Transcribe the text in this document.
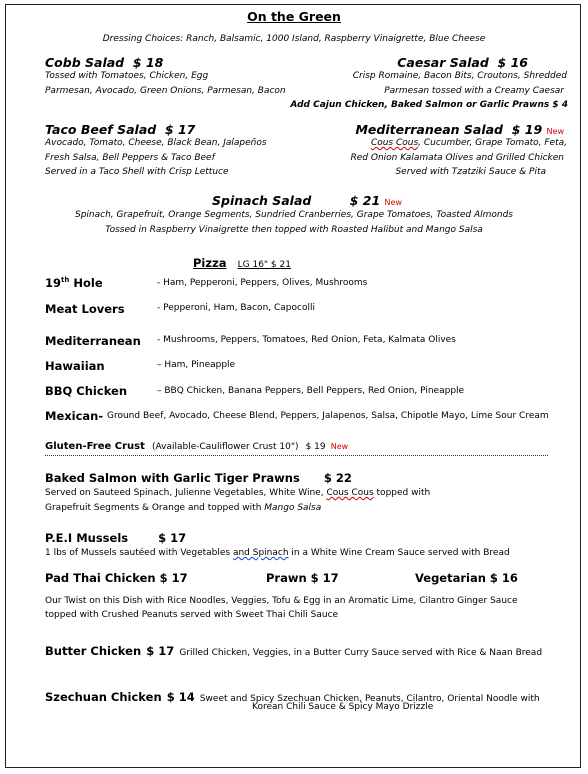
On the Green
Dressing Choices: Ranch, Balsamic, 1000 Island, Raspberry Vinaigrette, Blue Cheese
Cobb Salad $ 18
Tossed with Tomatoes, Chicken, Egg
Parmesan, Avocado, Green Onions, Parmesan, Bacon
Caesar Salad $ 16
Crisp Romaine, Bacon Bits, Croutons, Shredded
Parmesan tossed with a Creamy Caesar
Add Cajun Chicken, Baked Salmon or Garlic Prawns $ 4
Taco Beef Salad $ 17
Avocado, Tomato, Cheese, Black Bean, Jalapeños
Fresh Salsa, Bell Peppers & Taco Beef
Served in a Taco Shell with Crisp Lettuce
Mediterranean Salad $ 19 New
Cous Cous, Cucumber, Grape Tomato, Feta,
Red Onion Kalamata Olives and Grilled Chicken
Served with Tzatziki Sauce & Pita
Spinach Salad	$ 21 New
Spinach, Grapefruit, Orange Segments, Sundried Cranberries, Grape Tomatoes, Toasted Almonds
Tossed in Raspberry Vinaigrette then topped with Roasted Halibut and Mango Salsa
Pizza LG 16" $ 21
19th Hole	- Ham, Pepperoni, Peppers, Olives, Mushrooms
Meat Lovers	- Pepperoni, Ham, Bacon, Capocolli
Mediterranean - Mushrooms, Peppers, Tomatoes, Red Onion, Feta, Kalmata Olives
Hawaiian	– Ham, Pineapple
BBQ Chicken	– BBQ Chicken, Banana Peppers, Bell Peppers, Red Onion, Pineapple
Mexican- Ground Beef, Avocado, Cheese Blend, Peppers, Jalapenos, Salsa, Chipotle Mayo, Lime Sour Cream
Gluten-Free Crust (Available-Cauliflower Crust 10") $ 19 New
Baked Salmon with Garlic Tiger Prawns $ 22
Served on Sauteed Spinach, Julienne Vegetables, White Wine, Cous Cous topped with
Grapefruit Segments & Orange and topped with Mango Salsa
P.E.I Mussels	$ 17
1 lbs of Mussels sautéed with Vegetables and Spinach in a White Wine Cream Sauce served with Bread
Pad Thai Chicken $ 17	Prawn $ 17	Vegetarian $ 16
Our Twist on this Dish with Rice Noodles, Veggies, Tofu & Egg in an Aromatic Lime, Cilantro Ginger Sauce
topped with Crushed Peanuts served with Sweet Thai Chili Sauce
Butter Chicken $ 17 Grilled Chicken, Veggies, in a Butter Curry Sauce served with Rice & Naan Bread
Szechuan Chicken $ 14 Sweet and Spicy Szechuan Chicken, Peanuts, Cilantro, Oriental Noodle with
Korean Chili Sauce & Spicy Mayo Drizzle
